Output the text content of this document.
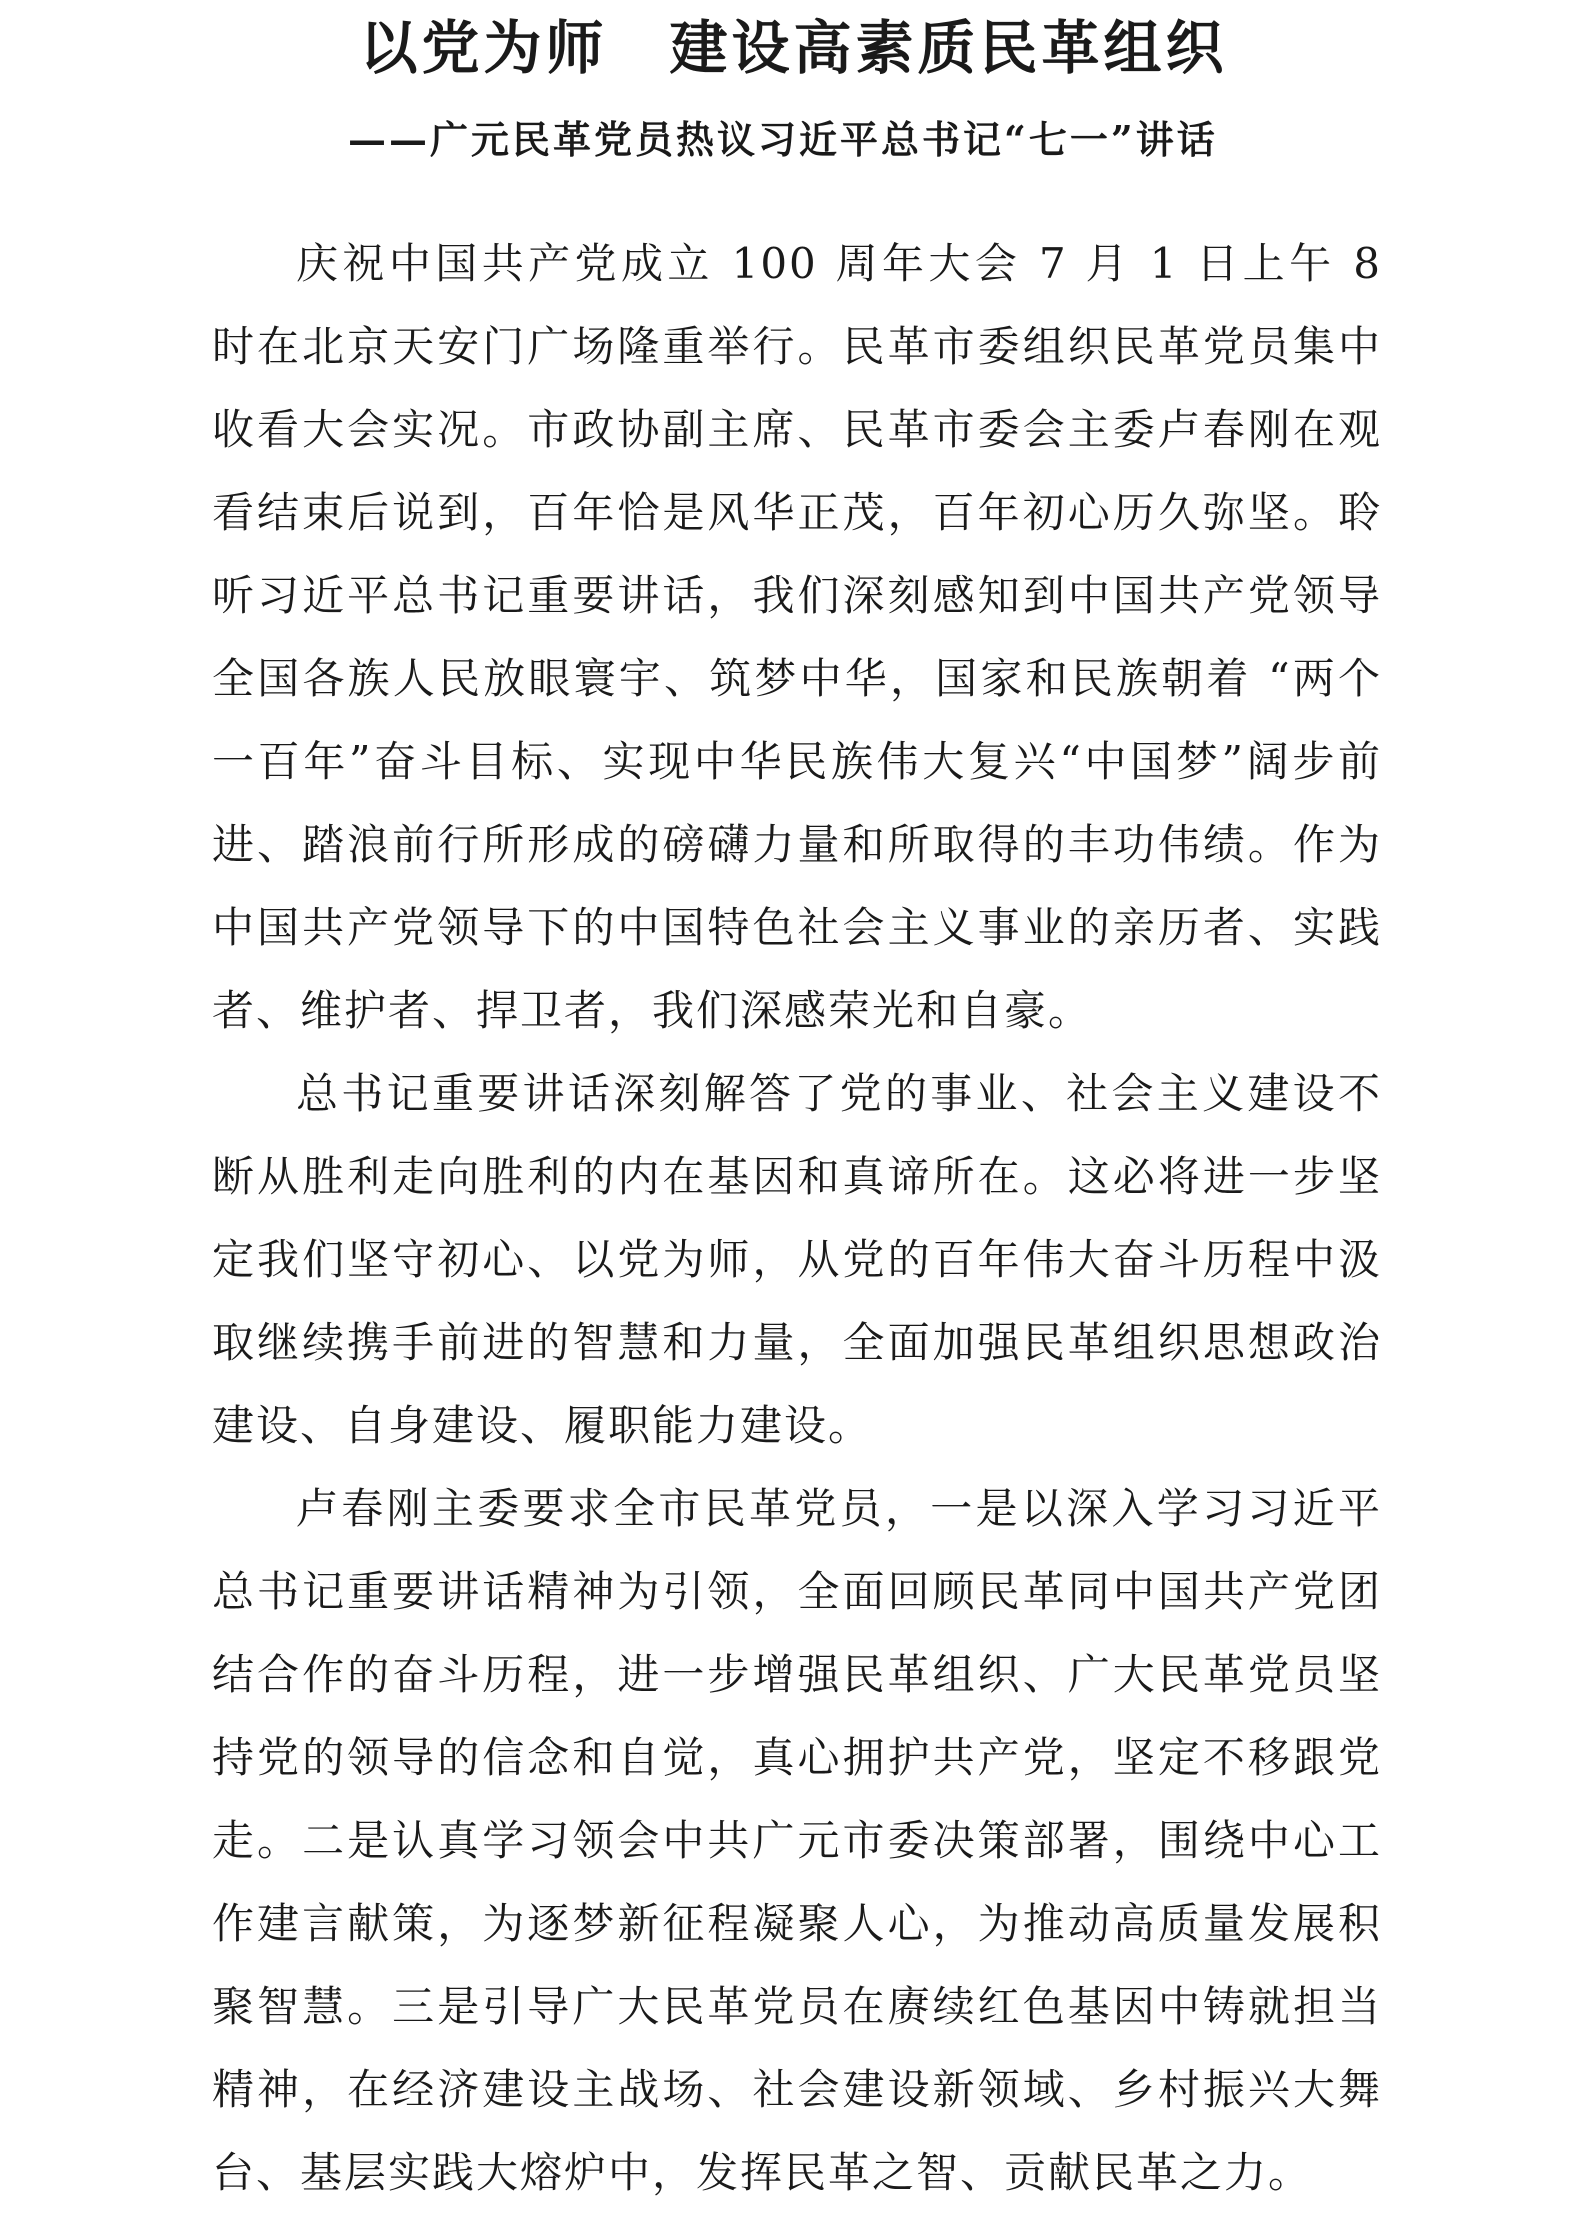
以党为师　建设高素质民革组织
——广元民革党员热议习近平总书记“七一”讲话

庆祝中国共产党成立 100 周年大会 7 月 1 日上午 8 时在北京天安门广场隆重举行。民革市委组织民革党员集中收看大会实况。市政协副主席、民革市委会主委卢春刚在观看结束后说到，百年恰是风华正茂，百年初心历久弥坚。聆听习近平总书记重要讲话，我们深刻感知到中国共产党领导全国各族人民放眼寰宇、筑梦中华，国家和民族朝着 “两个一百年”奋斗目标、实现中华民族伟大复兴“中国梦”阔步前进、踏浪前行所形成的磅礴力量和所取得的丰功伟绩。作为中国共产党领导下的中国特色社会主义事业的亲历者、实践者、维护者、捍卫者，我们深感荣光和自豪。

总书记重要讲话深刻解答了党的事业、社会主义建设不断从胜利走向胜利的内在基因和真谛所在。这必将进一步坚定我们坚守初心、以党为师，从党的百年伟大奋斗历程中汲取继续携手前进的智慧和力量，全面加强民革组织思想政治建设、自身建设、履职能力建设。

卢春刚主委要求全市民革党员，一是以深入学习习近平总书记重要讲话精神为引领，全面回顾民革同中国共产党团结合作的奋斗历程，进一步增强民革组织、广大民革党员坚持党的领导的信念和自觉，真心拥护共产党，坚定不移跟党走。二是认真学习领会中共广元市委决策部署，围绕中心工作建言献策，为逐梦新征程凝聚人心，为推动高质量发展积聚智慧。三是引导广大民革党员在赓续红色基因中铸就担当精神，在经济建设主战场、社会建设新领域、乡村振兴大舞台、基层实践大熔炉中，发挥民革之智、贡献民革之力。
